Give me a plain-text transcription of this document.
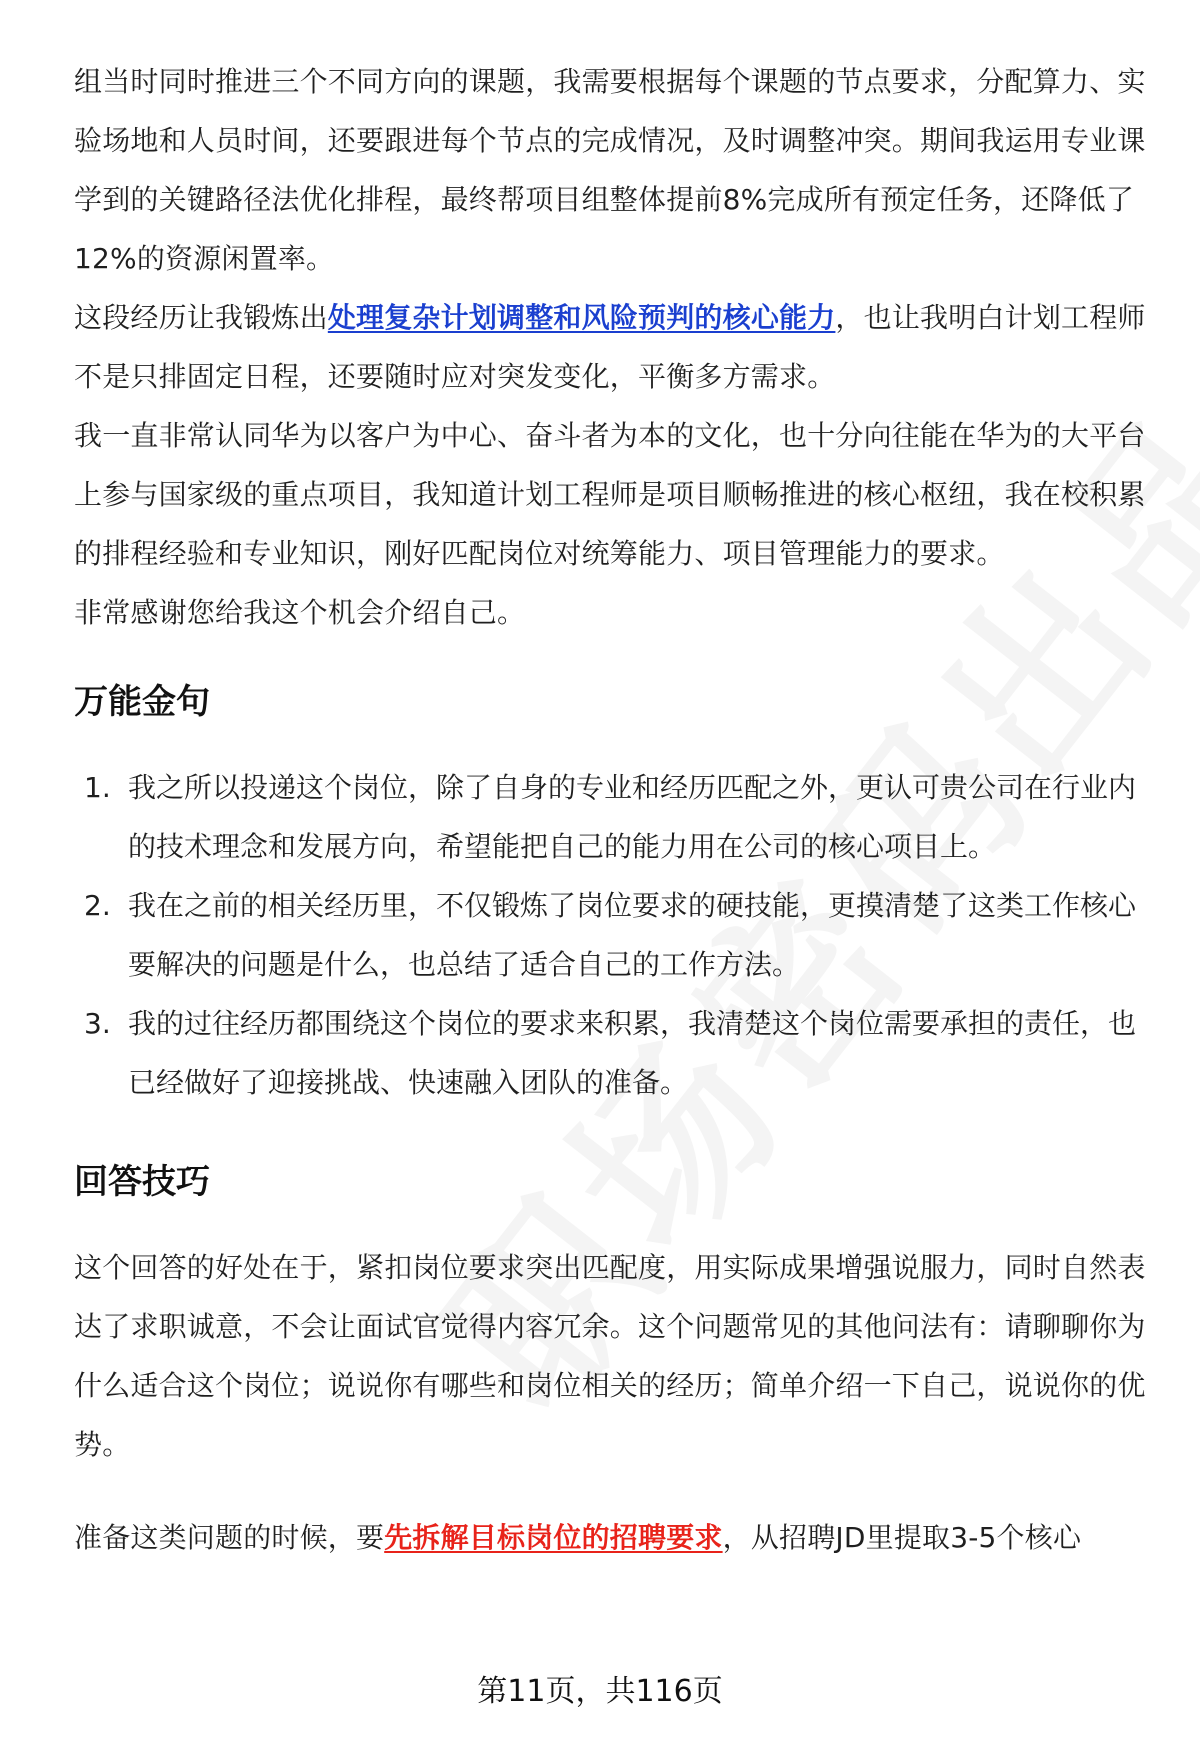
组当时同时推进三个不同方向的课题，我需要根据每个课题的节点要求，分配算力、实验场地和人员时间，还要跟进每个节点的完成情况，及时调整冲突。期间我运用专业课学到的关键路径法优化排程，最终帮项目组整体提前8%完成所有预定任务，还降低了12%的资源闲置率。

这段经历让我锻炼出处理复杂计划调整和风险预判的核心能力，也让我明白计划工程师不是只排固定日程，还要随时应对突发变化，平衡多方需求。

我一直非常认同华为以客户为中心、奋斗者为本的文化，也十分向往能在华为的大平台上参与国家级的重点项目，我知道计划工程师是项目顺畅推进的核心枢纽，我在校积累的排程经验和专业知识，刚好匹配岗位对统筹能力、项目管理能力的要求。

非常感谢您给我这个机会介绍自己。

万能金句
1. 我之所以投递这个岗位，除了自身的专业和经历匹配之外，更认可贵公司在行业内的技术理念和发展方向，希望能把自己的能力用在公司的核心项目上。
2. 我在之前的相关经历里，不仅锻炼了岗位要求的硬技能，更摸清楚了这类工作核心要解决的问题是什么，也总结了适合自己的工作方法。
3. 我的过往经历都围绕这个岗位的要求来积累，我清楚这个岗位需要承担的责任，也已经做好了迎接挑战、快速融入团队的准备。
回答技巧

这个回答的好处在于，紧扣岗位要求突出匹配度，用实际成果增强说服力，同时自然表达了求职诚意，不会让面试官觉得内容冗余。这个问题常见的其他问法有：请聊聊你为什么适合这个岗位；说说你有哪些和岗位相关的经历；简单介绍一下自己，说说你的优势。

准备这类问题的时候，要先拆解目标岗位的招聘要求，从招聘JD里提取3-5个核心

第11页，共116页
